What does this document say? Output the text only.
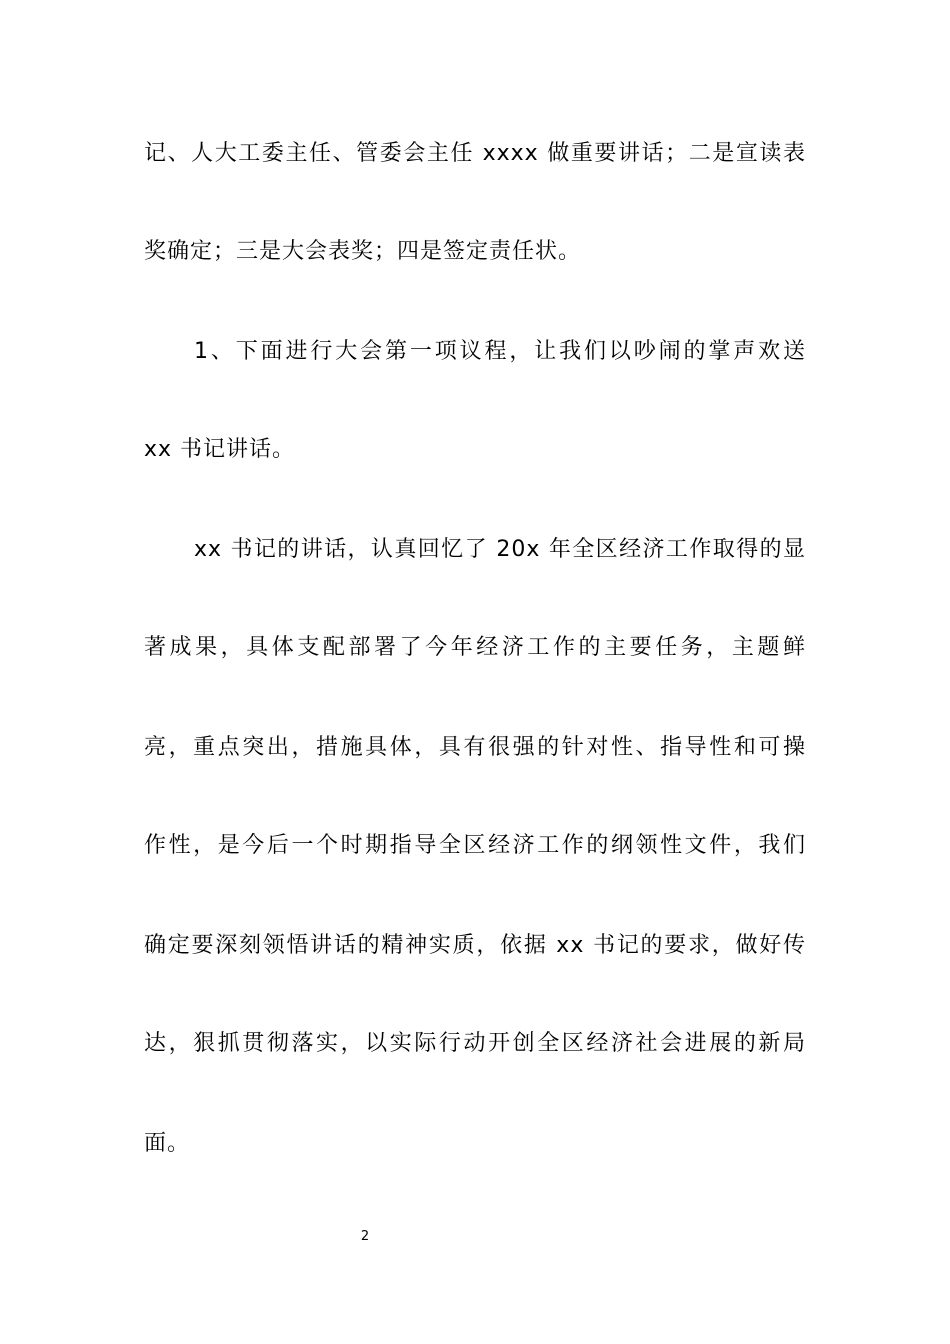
记、人大工委主任、管委会主任 xxxx 做重要讲话；二是宣读表
奖确定；三是大会表奖；四是签定责任状。
1、下面进行大会第一项议程，让我们以吵闹的掌声欢送
xx 书记讲话。
xx 书记的讲话，认真回忆了 20x 年全区经济工作取得的显
著成果，具体支配部署了今年经济工作的主要任务，主题鲜
亮，重点突出，措施具体，具有很强的针对性、指导性和可操
作性，是今后一个时期指导全区经济工作的纲领性文件，我们
确定要深刻领悟讲话的精神实质，依据 xx 书记的要求，做好传
达，狠抓贯彻落实，以实际行动开创全区经济社会进展的新局
面。
2
